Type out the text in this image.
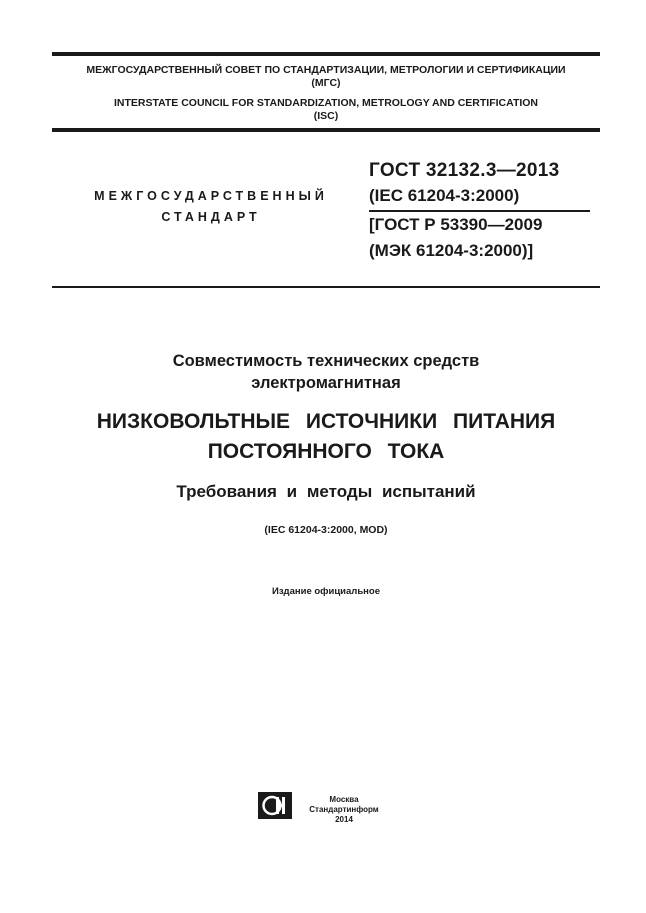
МЕЖГОСУДАРСТВЕННЫЙ СОВЕТ ПО СТАНДАРТИЗАЦИИ, МЕТРОЛОГИИ И СЕРТИФИКАЦИИ
(МГС)
INTERSTATE COUNCIL FOR STANDARDIZATION, METROLOGY AND CERTIFICATION
(ISC)
МЕЖГОСУДАРСТВЕННЫЙ
СТАНДАРТ
ГОСТ 32132.3—2013
(IEC 61204-3:2000)
[ГОСТ Р 53390—2009
(МЭК 61204-3:2000)]
Совместимость технических средств
электромагнитная
НИЗКОВОЛЬТНЫЕ ИСТОЧНИКИ ПИТАНИЯ
ПОСТОЯННОГО ТОКА
Требования и методы испытаний
(IEC 61204-3:2000, MOD)
Издание официальное
Москва
Стандартинформ
2014
